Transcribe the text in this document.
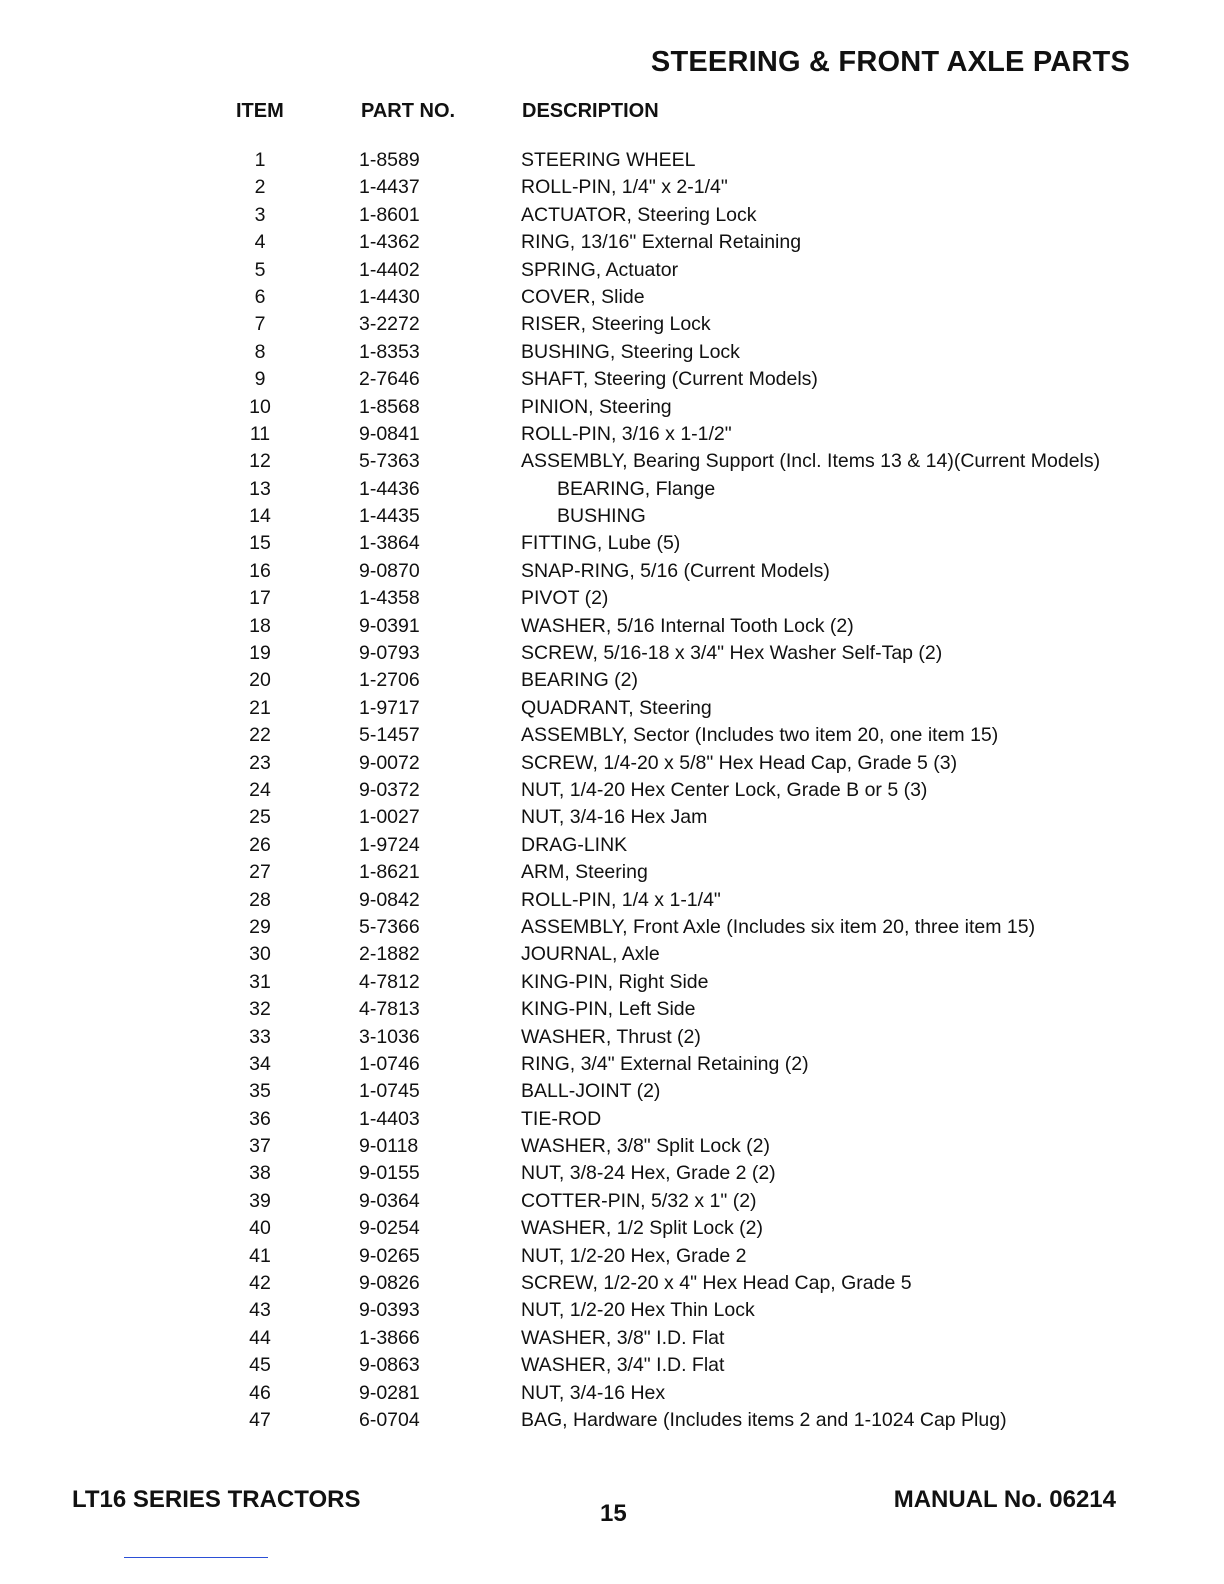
STEERING & FRONT AXLE PARTS
ITEM	PART NO.	DESCRIPTION
1	1-8589	STEERING WHEEL
2	1-4437	ROLL-PIN, 1/4" x 2-1/4"
3	1-8601	ACTUATOR, Steering Lock
4	1-4362	RING, 13/16" External Retaining
5	1-4402	SPRING, Actuator
6	1-4430	COVER, Slide
7	3-2272	RISER, Steering Lock
8	1-8353	BUSHING, Steering Lock
9	2-7646	SHAFT, Steering (Current Models)
10	1-8568	PINION, Steering
11	9-0841	ROLL-PIN, 3/16 x 1-1/2"
12	5-7363	ASSEMBLY, Bearing Support (Incl. Items 13 & 14)(Current Models)
13	1-4436	BEARING, Flange
14	1-4435	BUSHING
15	1-3864	FITTING, Lube (5)
16	9-0870	SNAP-RING, 5/16 (Current Models)
17	1-4358	PIVOT (2)
18	9-0391	WASHER, 5/16 Internal Tooth Lock (2)
19	9-0793	SCREW, 5/16-18 x 3/4" Hex Washer Self-Tap (2)
20	1-2706	BEARING (2)
21	1-9717	QUADRANT, Steering
22	5-1457	ASSEMBLY, Sector (Includes two item 20, one item 15)
23	9-0072	SCREW, 1/4-20 x 5/8" Hex Head Cap, Grade 5 (3)
24	9-0372	NUT, 1/4-20 Hex Center Lock, Grade B or 5 (3)
25	1-0027	NUT, 3/4-16 Hex Jam
26	1-9724	DRAG-LINK
27	1-8621	ARM, Steering
28	9-0842	ROLL-PIN, 1/4 x 1-1/4"
29	5-7366	ASSEMBLY, Front Axle (Includes six item 20, three item 15)
30	2-1882	JOURNAL, Axle
31	4-7812	KING-PIN, Right Side
32	4-7813	KING-PIN, Left Side
33	3-1036	WASHER, Thrust (2)
34	1-0746	RING, 3/4" External Retaining (2)
35	1-0745	BALL-JOINT (2)
36	1-4403	TIE-ROD
37	9-0118	WASHER, 3/8" Split Lock (2)
38	9-0155	NUT, 3/8-24 Hex, Grade 2 (2)
39	9-0364	COTTER-PIN, 5/32 x 1" (2)
40	9-0254	WASHER, 1/2 Split Lock (2)
41	9-0265	NUT, 1/2-20 Hex, Grade 2
42	9-0826	SCREW, 1/2-20 x 4" Hex Head Cap, Grade 5
43	9-0393	NUT, 1/2-20 Hex Thin Lock
44	1-3866	WASHER, 3/8" I.D. Flat
45	9-0863	WASHER, 3/4" I.D. Flat
46	9-0281	NUT, 3/4-16 Hex
47	6-0704	BAG, Hardware (Includes items 2 and 1-1024 Cap Plug)
LT16 SERIES TRACTORS
15
MANUAL No. 06214
